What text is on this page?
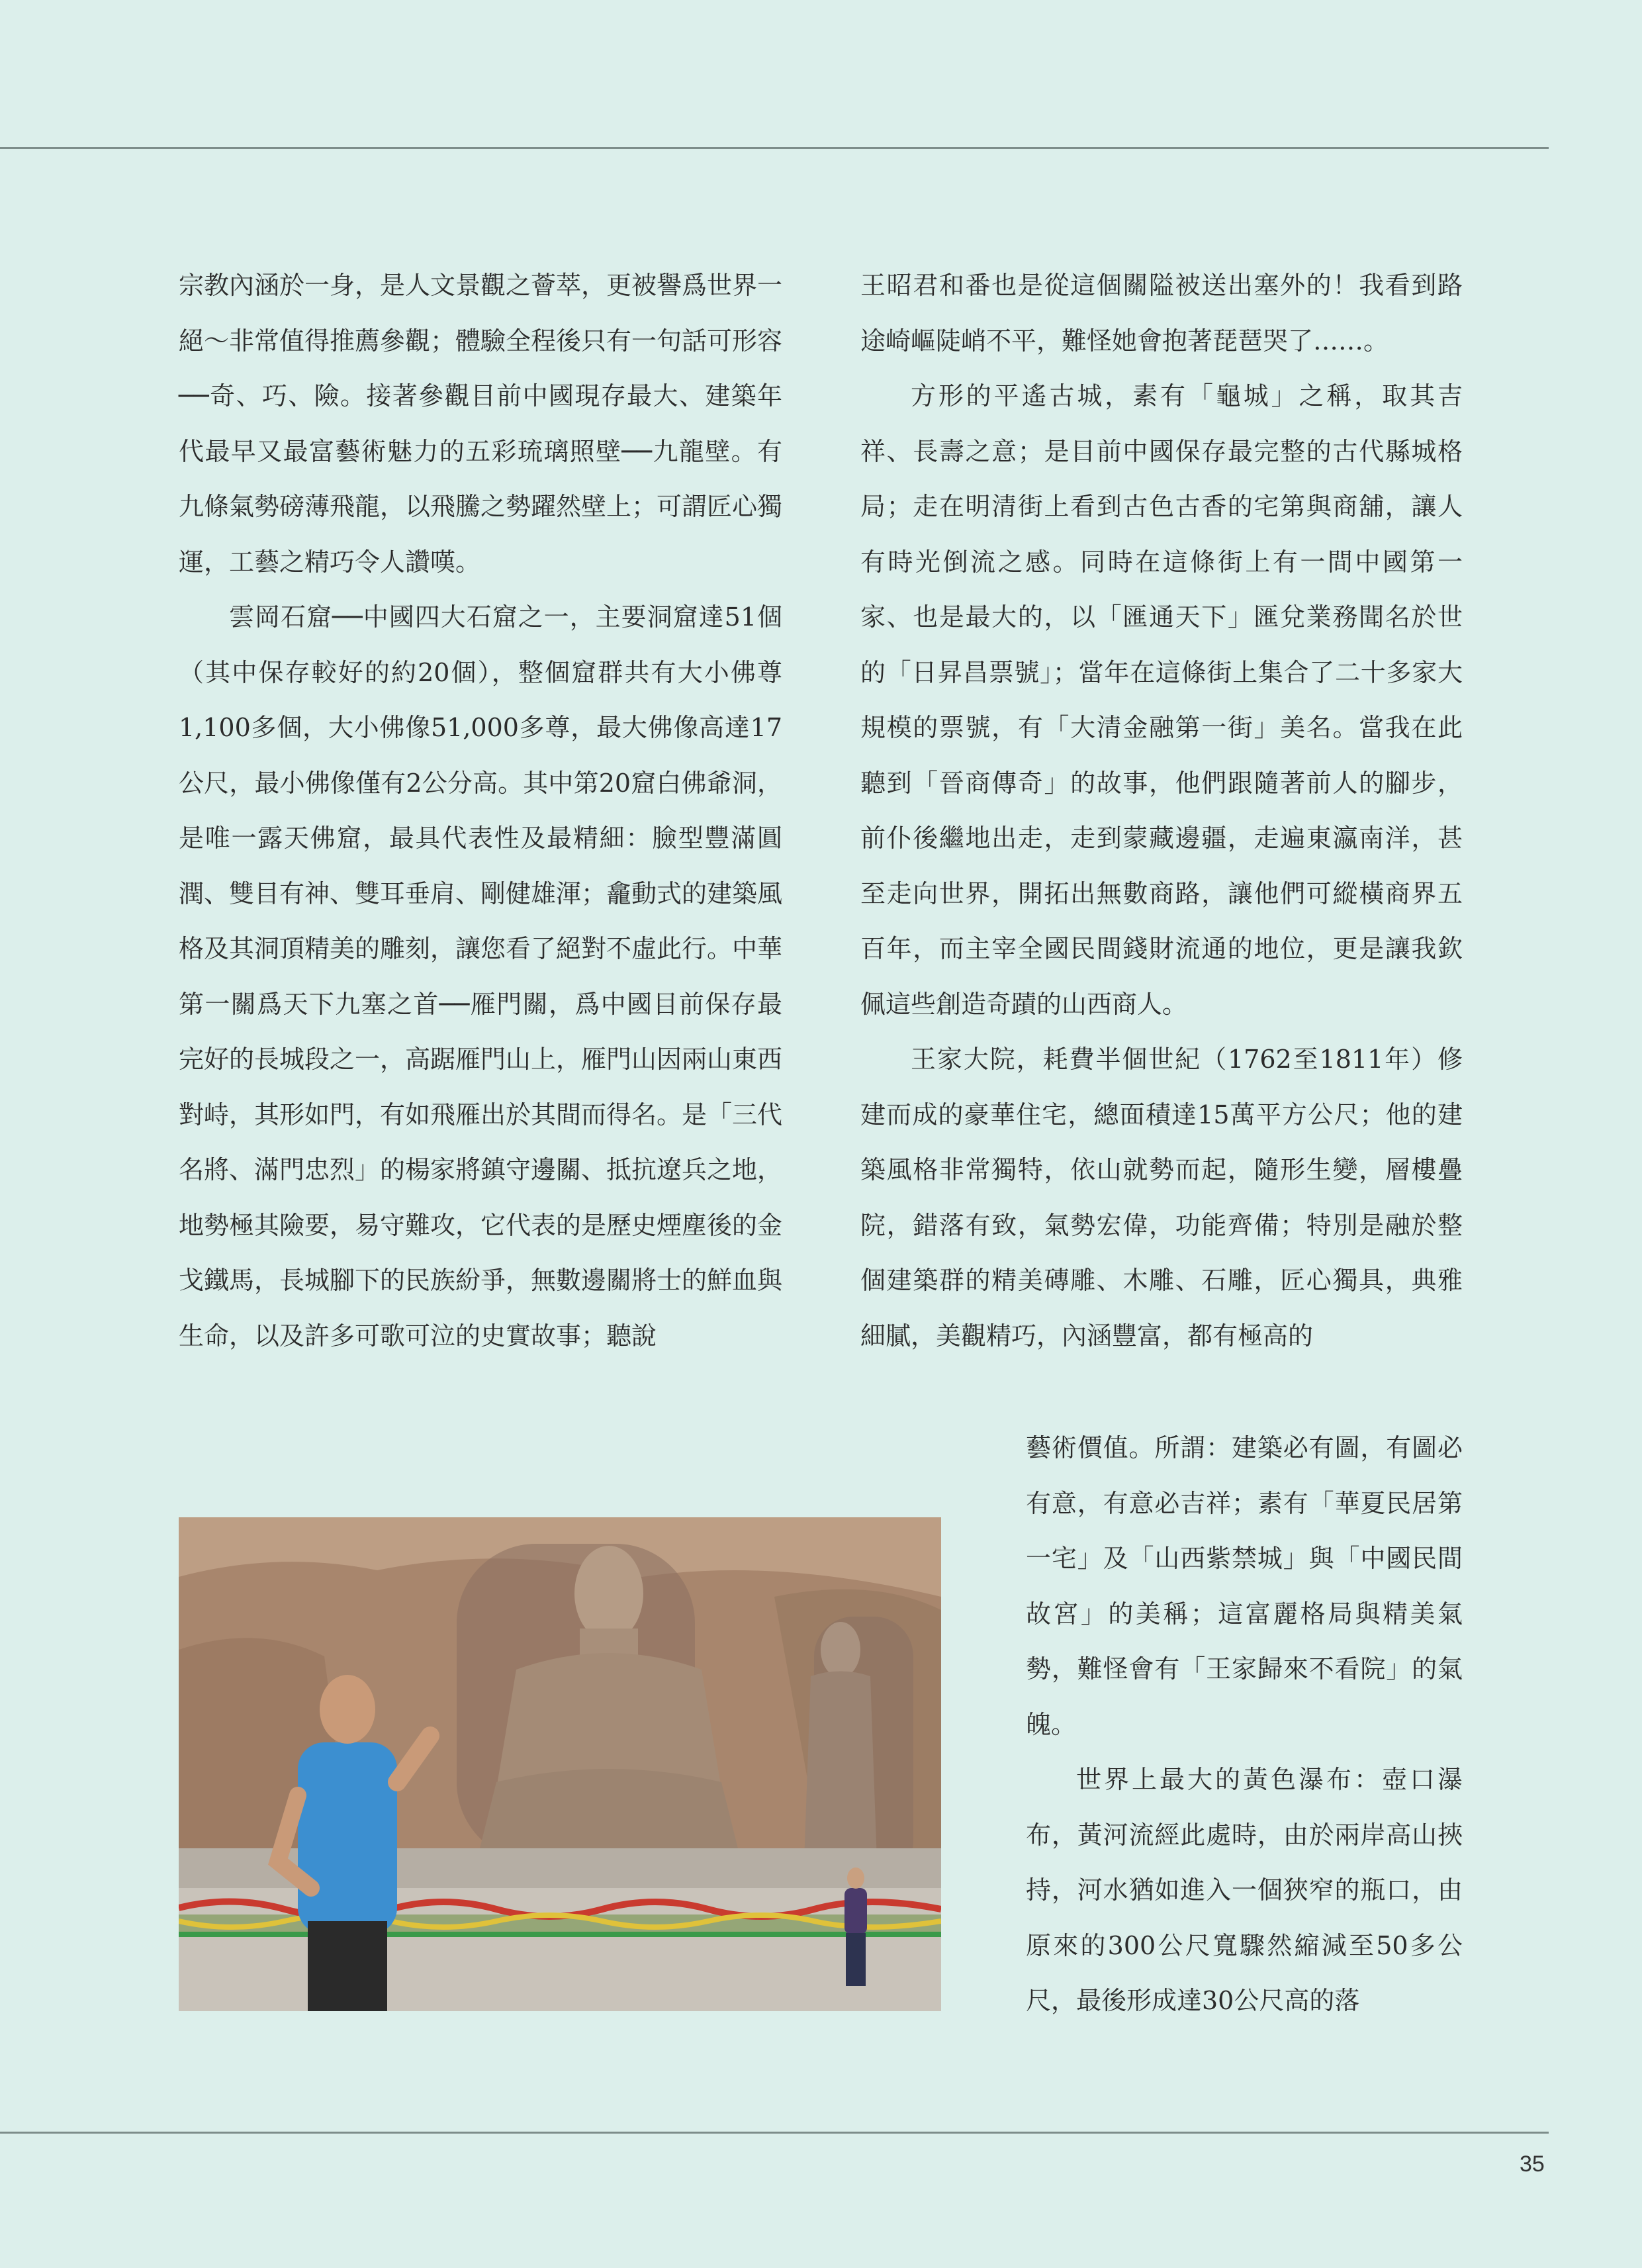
宗教內涵於一身，是人文景觀之薈萃，更被譽爲世界一絕～非常值得推薦參觀；體驗全程後只有一句話可形容──奇、巧、險。接著參觀目前中國現存最大、建築年代最早又最富藝術魅力的五彩琉璃照壁──九龍壁。有九條氣勢磅薄飛龍，以飛騰之勢躍然壁上；可謂匠心獨運，工藝之精巧令人讚嘆。

雲岡石窟──中國四大石窟之一，主要洞窟達51個（其中保存較好的約20個），整個窟群共有大小佛尊1,100多個，大小佛像51,000多尊，最大佛像高達17公尺，最小佛像僅有2公分高。其中第20窟白佛爺洞，是唯一露天佛窟，最具代表性及最精細：臉型豐滿圓潤、雙目有神、雙耳垂肩、剛健雄渾；龕動式的建築風格及其洞頂精美的雕刻，讓您看了絕對不虛此行。中華第一關爲天下九塞之首──雁門關，爲中國目前保存最完好的長城段之一，高踞雁門山上，雁門山因兩山東西對峙，其形如門，有如飛雁出於其間而得名。是「三代名將、滿門忠烈」的楊家將鎮守邊關、抵抗遼兵之地，地勢極其險要，易守難攻，它代表的是歷史煙塵後的金戈鐵馬，長城腳下的民族紛爭，無數邊關將士的鮮血與生命，以及許多可歌可泣的史實故事；聽說

王昭君和番也是從這個關隘被送出塞外的！我看到路途崎嶇陡峭不平，難怪她會抱著琵琶哭了……。

方形的平遙古城，素有「龜城」之稱，取其吉祥、長壽之意；是目前中國保存最完整的古代縣城格局；走在明清街上看到古色古香的宅第與商舖，讓人有時光倒流之感。同時在這條街上有一間中國第一家、也是最大的，以「匯通天下」匯兌業務聞名於世的「日昇昌票號」；當年在這條街上集合了二十多家大規模的票號，有「大清金融第一街」美名。當我在此聽到「晉商傳奇」的故事，他們跟隨著前人的腳步，前仆後繼地出走，走到蒙藏邊疆，走遍東瀛南洋，甚至走向世界，開拓出無數商路，讓他們可縱橫商界五百年，而主宰全國民間錢財流通的地位，更是讓我欽佩這些創造奇蹟的山西商人。

王家大院，耗費半個世紀（1762至1811年）修建而成的豪華住宅，總面積達15萬平方公尺；他的建築風格非常獨特，依山就勢而起，隨形生變，層樓疊院，錯落有致，氣勢宏偉，功能齊備；特別是融於整個建築群的精美磚雕、木雕、石雕，匠心獨具，典雅細膩，美觀精巧，內涵豐富，都有極高的

藝術價值。所謂：建築必有圖，有圖必有意，有意必吉祥；素有「華夏民居第一宅」及「山西紫禁城」與「中國民間故宮」的美稱；這富麗格局與精美氣勢，難怪會有「王家歸來不看院」的氣魄。

世界上最大的黃色瀑布：壺口瀑布，黃河流經此處時，由於兩岸高山挾持，河水猶如進入一個狹窄的瓶口，由原來的300公尺寬驟然縮減至50多公尺，最後形成達30公尺高的落

35
